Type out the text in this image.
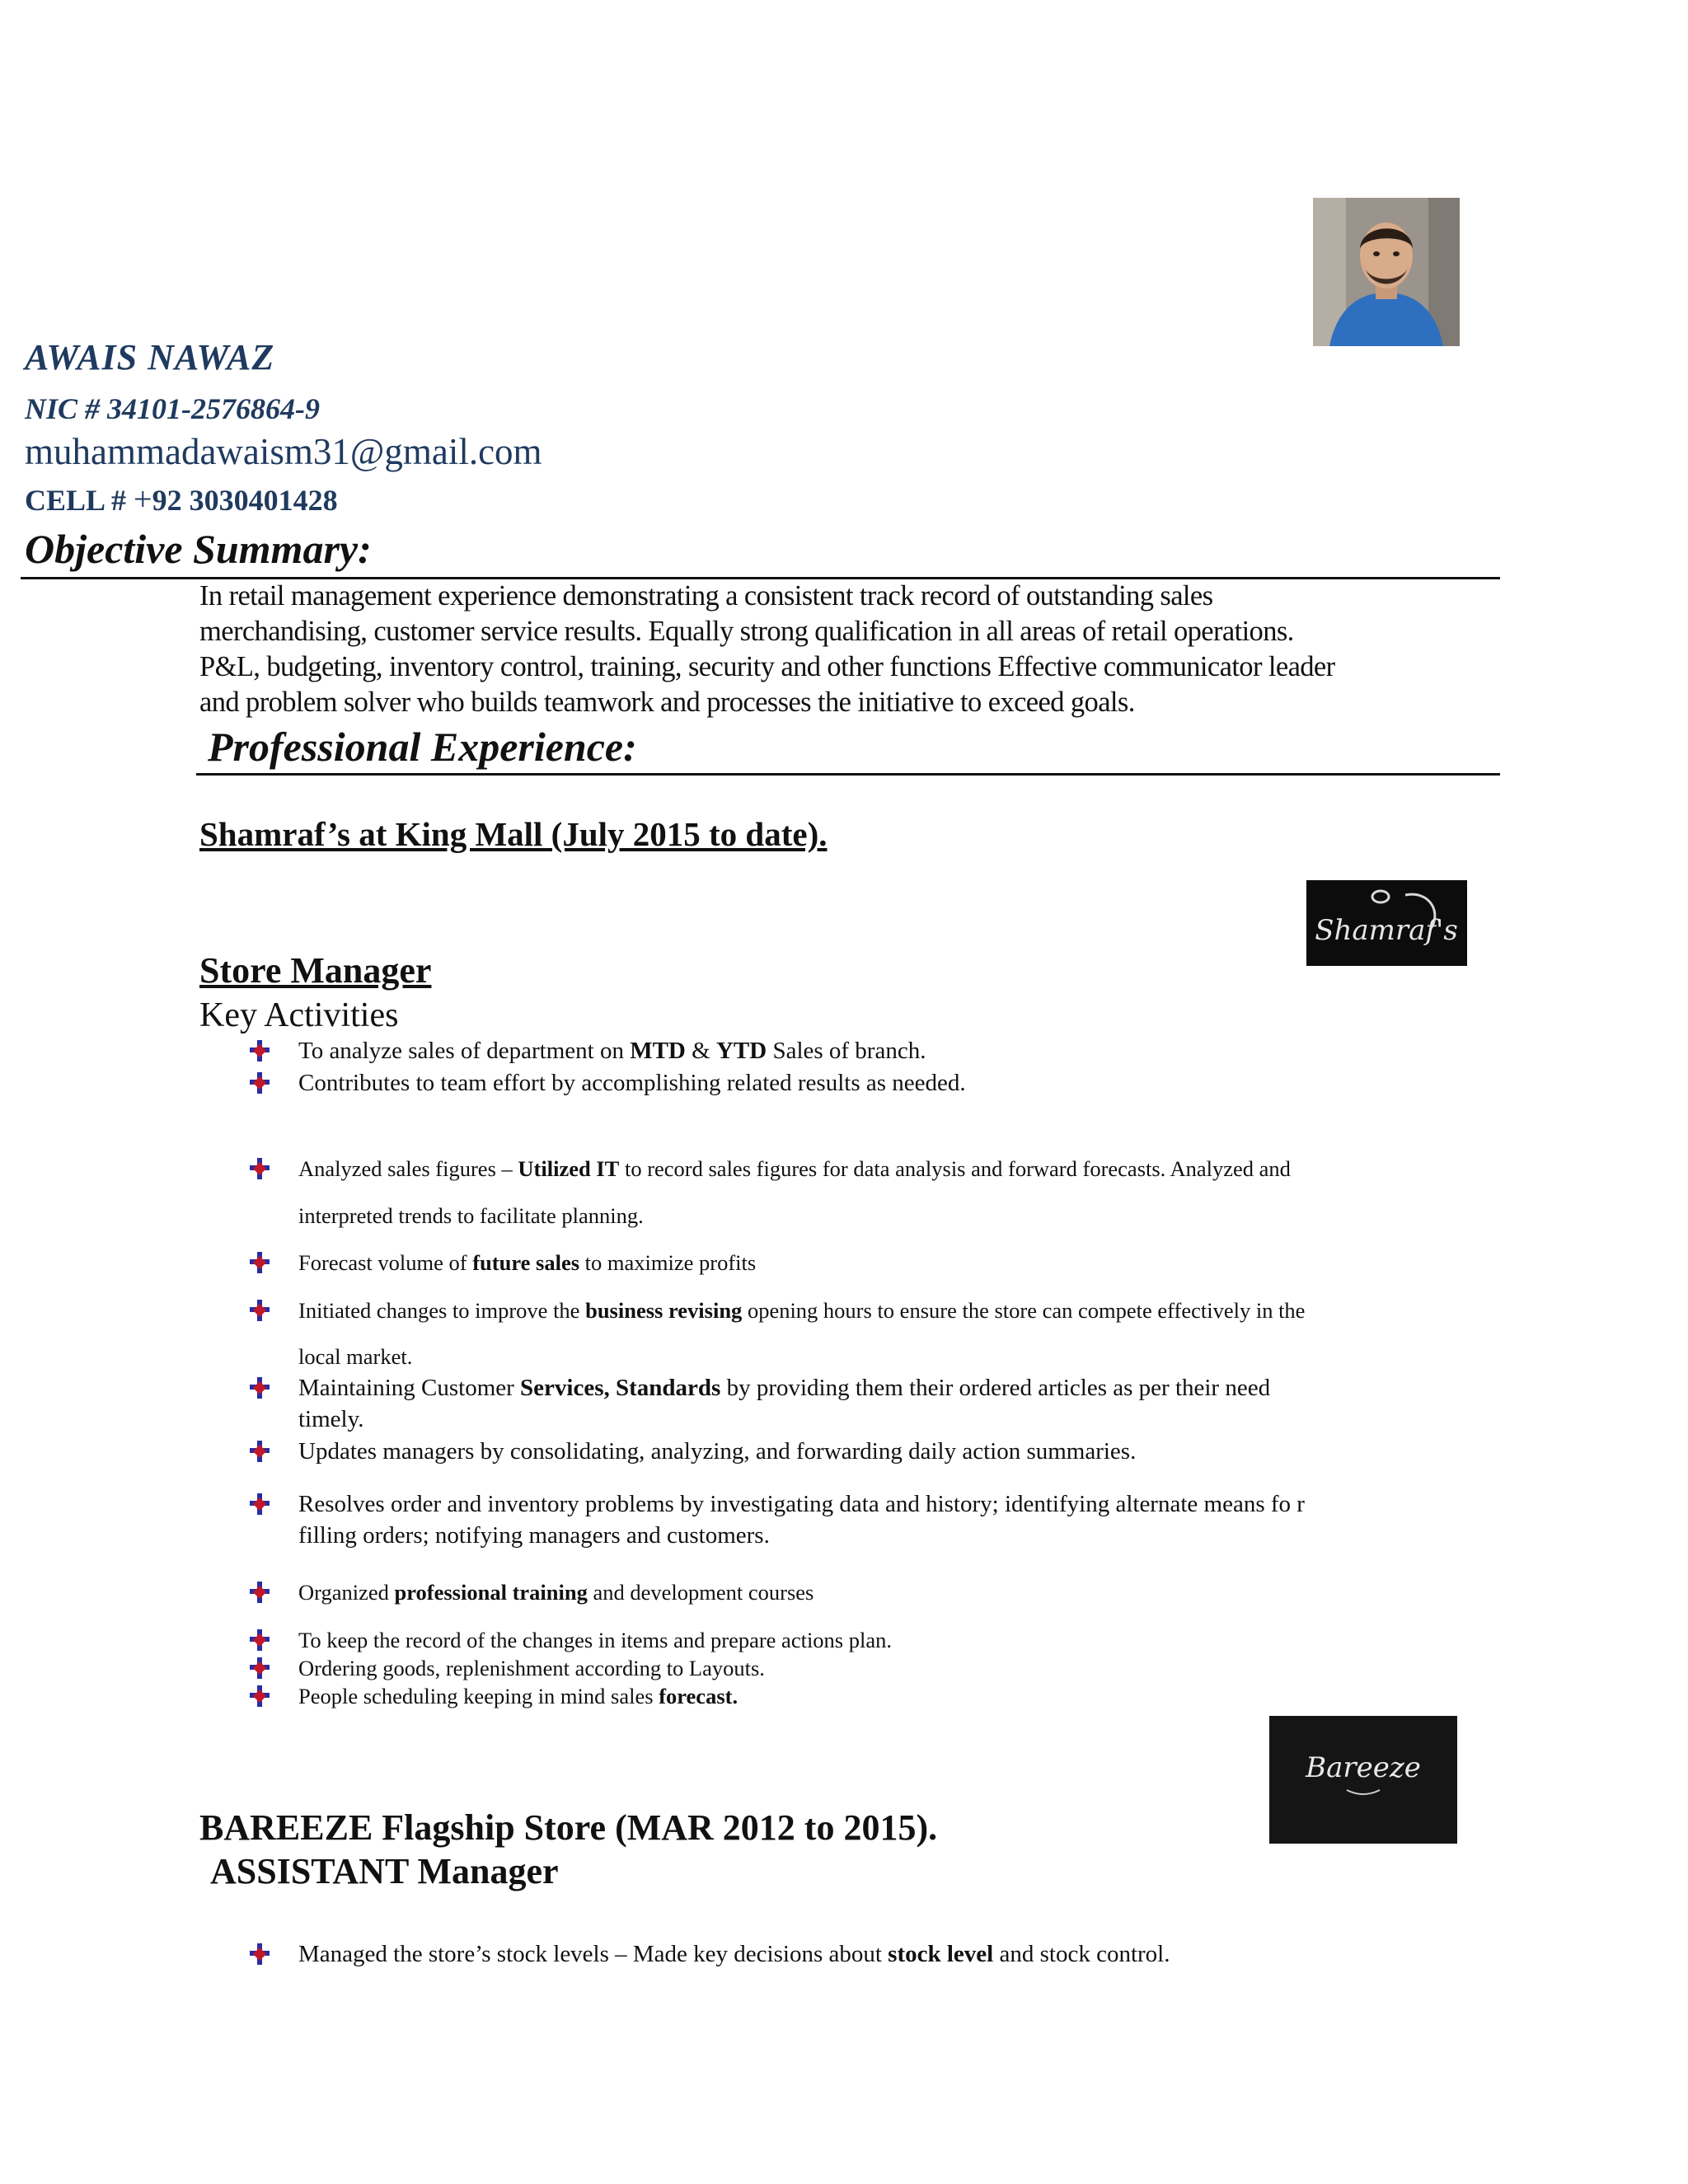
AWAIS NAWAZ
NIC # 34101-2576864-9
muhammadawaism31@gmail.com
CELL # +92 3030401428
Objective Summary:

In retail management experience demonstrating a consistent track record of outstanding sales

merchandising, customer service results. Equally strong qualification in all areas of retail operations.

P&L, budgeting, inventory control, training, security and other functions Effective communicator leader

and problem solver who builds teamwork and processes the initiative to exceed goals.

Professional Experience:
Shamraf’s at King Mall (July 2015 to date).
Shamraf's
Store Manager
Key Activities
To analyze sales of department on MTD & YTD Sales of branch.
Contributes to team effort by accomplishing related results as needed.
Analyzed sales figures – Utilized IT to record sales figures for data analysis and forward forecasts. Analyzed and
interpreted trends to facilitate planning.
Forecast volume of future sales to maximize profits
Initiated changes to improve the business revising opening hours to ensure the store can compete effectively in the
local market.
Maintaining Customer Services, Standards by providing them their ordered articles as per their need
timely.
Updates managers by consolidating, analyzing, and forwarding daily action summaries.
Resolves order and inventory problems by investigating data and history; identifying alternate means fo r
filling orders; notifying managers and customers.
Organized professional training and development courses
To keep the record of the changes in items and prepare actions plan.
Ordering goods, replenishment according to Layouts.
People scheduling keeping in mind sales forecast.
Bareeze
BAREEZE Flagship Store (MAR 2012 to 2015).
ASSISTANT Manager
Managed the store’s stock levels – Made key decisions about stock level and stock control.
